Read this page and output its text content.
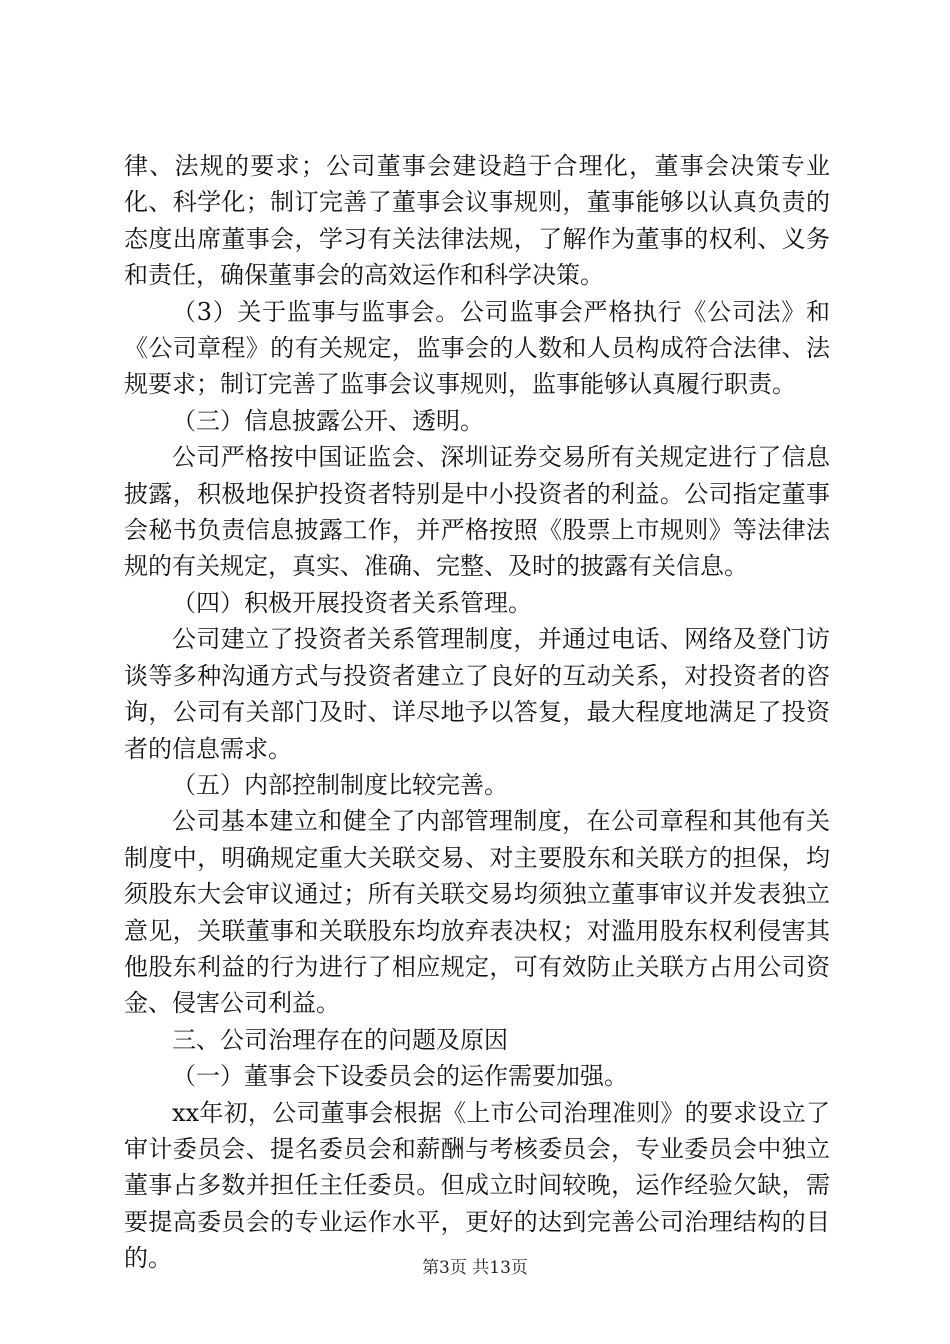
律、法规的要求；公司董事会建设趋于合理化，董事会决策专业化、科学化；制订完善了董事会议事规则，董事能够以认真负责的态度出席董事会，学习有关法律法规，了解作为董事的权利、义务和责任，确保董事会的高效运作和科学决策。

（3）关于监事与监事会。公司监事会严格执行《公司法》和《公司章程》的有关规定，监事会的人数和人员构成符合法律、法规要求；制订完善了监事会议事规则，监事能够认真履行职责。

（三）信息披露公开、透明。

公司严格按中国证监会、深圳证券交易所有关规定进行了信息披露，积极地保护投资者特别是中小投资者的利益。公司指定董事会秘书负责信息披露工作，并严格按照《股票上市规则》等法律法规的有关规定，真实、准确、完整、及时的披露有关信息。

（四）积极开展投资者关系管理。

公司建立了投资者关系管理制度，并通过电话、网络及登门访谈等多种沟通方式与投资者建立了良好的互动关系，对投资者的咨询，公司有关部门及时、详尽地予以答复，最大程度地满足了投资者的信息需求。

（五）内部控制制度比较完善。

公司基本建立和健全了内部管理制度，在公司章程和其他有关制度中，明确规定重大关联交易、对主要股东和关联方的担保，均须股东大会审议通过；所有关联交易均须独立董事审议并发表独立意见，关联董事和关联股东均放弃表决权；对滥用股东权利侵害其他股东利益的行为进行了相应规定，可有效防止关联方占用公司资金、侵害公司利益。

三、公司治理存在的问题及原因

（一）董事会下设委员会的运作需要加强。

xx年初，公司董事会根据《上市公司治理准则》的要求设立了审计委员会、提名委员会和薪酬与考核委员会，专业委员会中独立董事占多数并担任主任委员。但成立时间较晚，运作经验欠缺，需要提高委员会的专业运作水平，更好的达到完善公司治理结构的目的。	第3页 共13页
